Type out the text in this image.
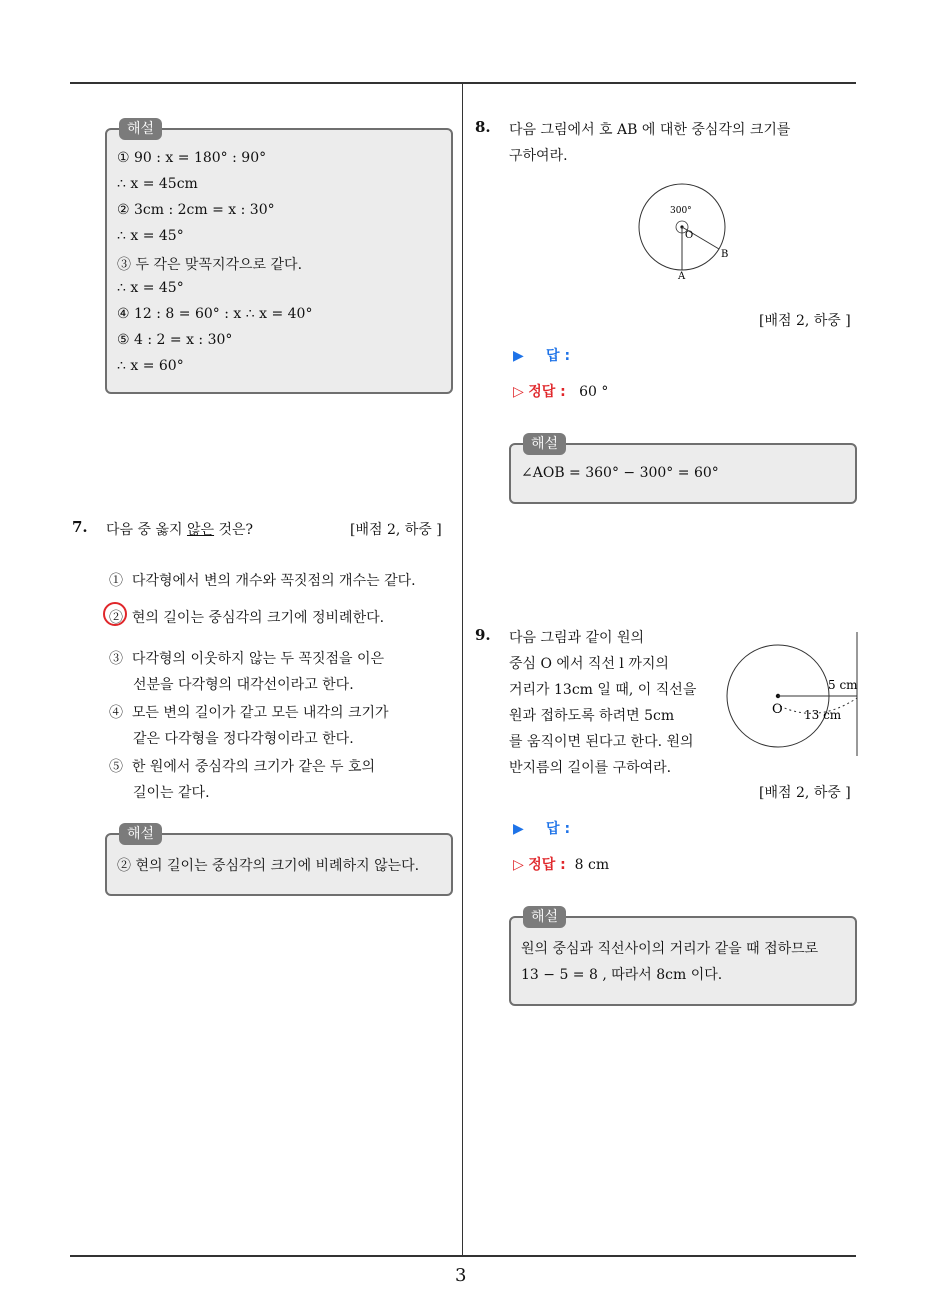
3
해설
① 90 : x = 180° : 90°
∴ x = 45cm
② 3cm : 2cm = x : 30°
∴ x = 45°
③ 두 각은 맞꼭지각으로 같다.
∴ x = 45°
④ 12 : 8 = 60° : x ∴ x = 40°
⑤ 4 : 2 = x : 30°
∴ x = 60°
7. 다음 중 옳지 않은 것은?	[배점 2, 하중 ]
① 다각형에서 변의 개수와 꼭짓점의 개수는 같다.
② 현의 길이는 중심각의 크기에 정비례한다.
③ 다각형의 이웃하지 않는 두 꼭짓점을 이은
선분을 다각형의 대각선이라고 한다.
④ 모든 변의 길이가 같고 모든 내각의 크기가
같은 다각형을 정다각형이라고 한다.
⑤ 한 원에서 중심각의 크기가 같은 두 호의
길이는 같다.
해설
② 현의 길이는 중심각의 크기에 비례하지 않는다.
8. 다음 그림에서 호 AB 에 대한 중심각의 크기를
구하여라.
300°
O
A
B
[배점 2, 하중 ]
▶ 답 :
▷ 정답 : 60 °
해설
∠AOB = 360° − 300° = 60°
9. 다음 그림과 같이 원의
중심 O 에서 직선 l 까지의
거리가 13cm 일 때, 이 직선을
원과 접하도록 하려면 5cm
를 움직이면 된다고 한다. 원의
반지름의 길이를 구하여라.
O 13 cm
5 cm
[배점 2, 하중 ]
▶ 답 :
▷ 정답 : 8 cm
해설
원의 중심과 직선사이의 거리가 같을 때 접하므로
13 − 5 = 8 , 따라서 8cm 이다.
